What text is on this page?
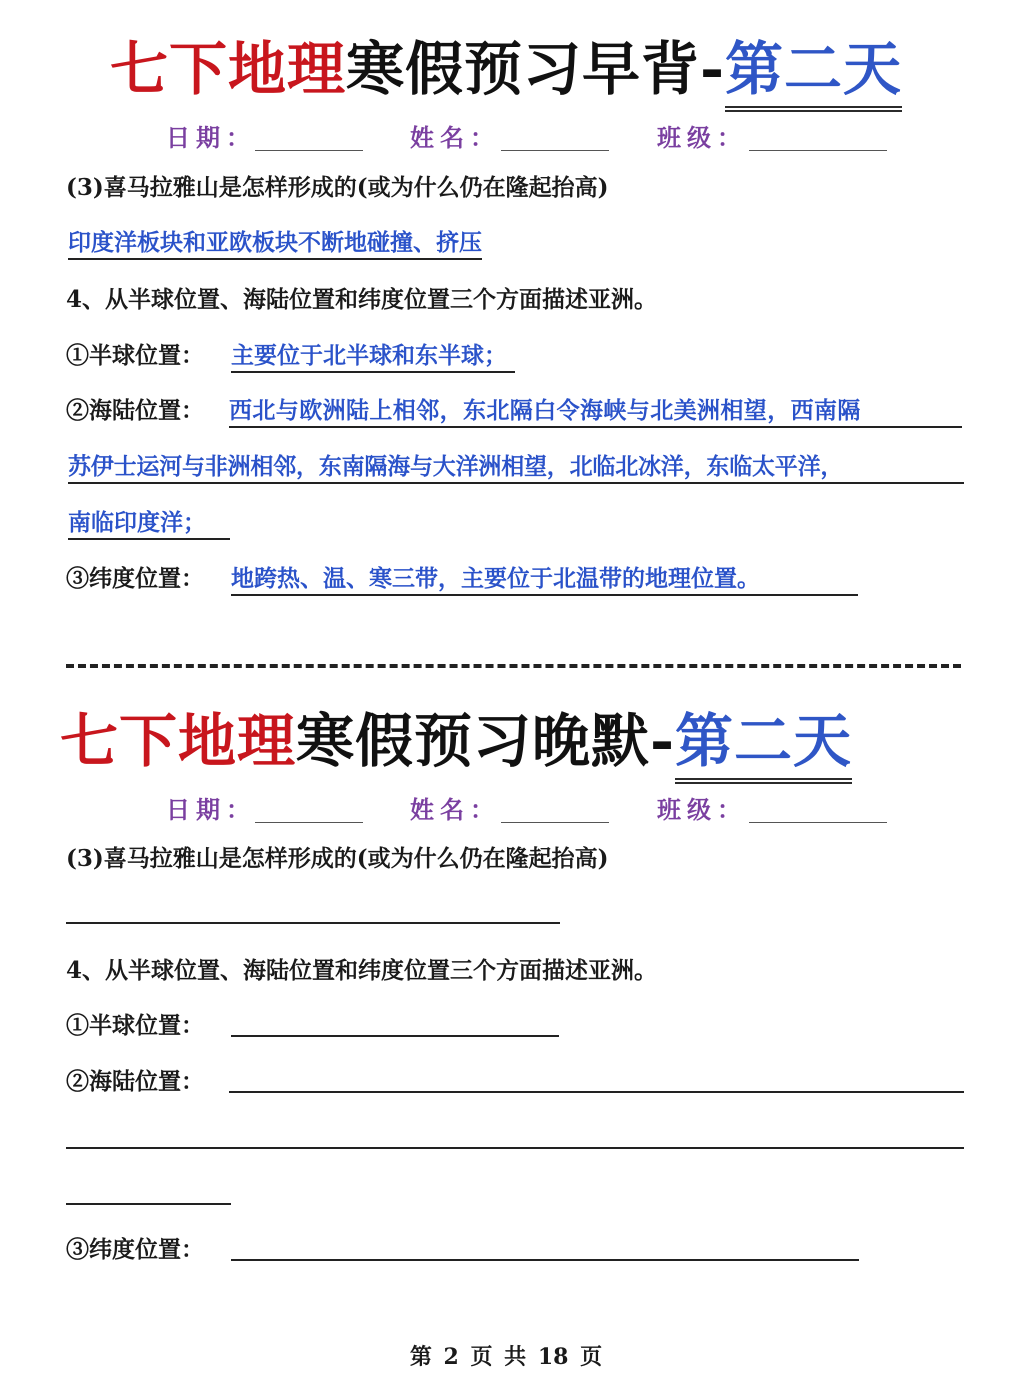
七下地理寒假预习早背-第二天
日期：	姓名：	班级：
(3)喜马拉雅山是怎样形成的(或为什么仍在隆起抬高)
印度洋板块和亚欧板块不断地碰撞、挤压
4、从半球位置、海陆位置和纬度位置三个方面描述亚洲。
①半球位置： 主要位于北半球和东半球；
②海陆位置： 西北与欧洲陆上相邻，东北隔白令海峡与北美洲相望，西南隔
苏伊士运河与非洲相邻，东南隔海与大洋洲相望，北临北冰洋，东临太平洋，
南临印度洋；
③纬度位置： 地跨热、温、寒三带，主要位于北温带的地理位置。
七下地理寒假预习晚默-第二天
日期：	姓名：	班级：
(3)喜马拉雅山是怎样形成的(或为什么仍在隆起抬高)
4、从半球位置、海陆位置和纬度位置三个方面描述亚洲。
①半球位置：
②海陆位置：
③纬度位置：
第 2 页 共 18 页
